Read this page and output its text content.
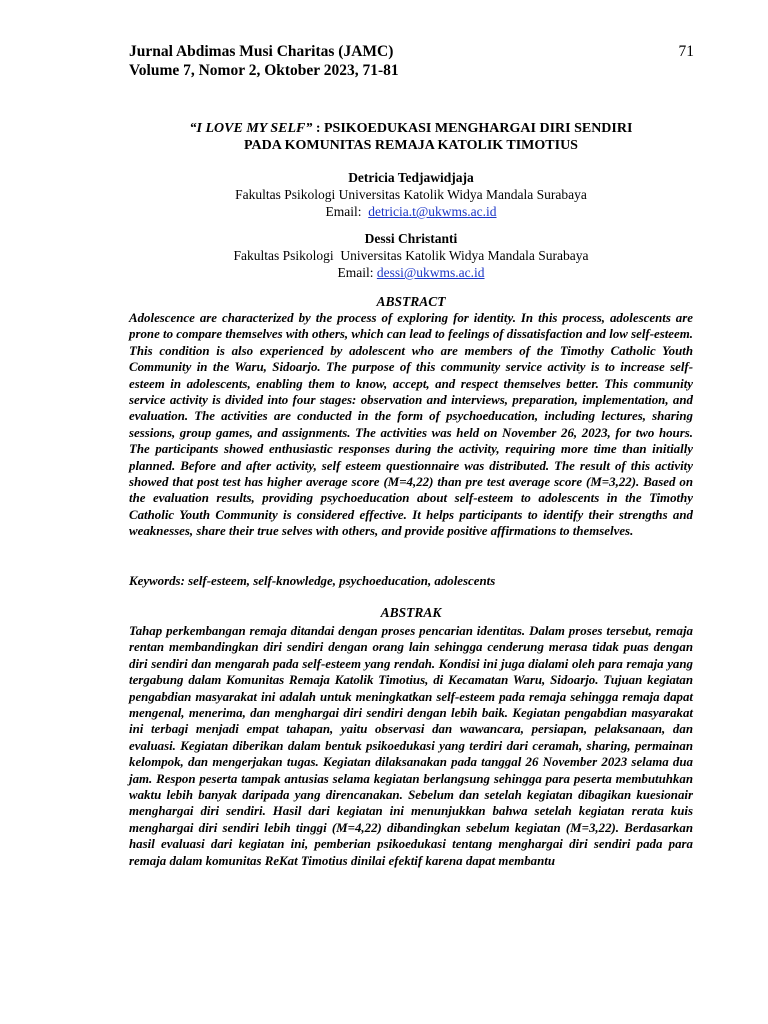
Jurnal Abdimas Musi Charitas (JAMC)
Volume 7, Nomor 2, Oktober 2023, 71-81
71
“I LOVE MY SELF” : PSIKOEDUKASI MENGHARGAI DIRI SENDIRI
PADA KOMUNITAS REMAJA KATOLIK TIMOTIUS
Detricia Tedjawidjaja
Fakultas Psikologi Universitas Katolik Widya Mandala Surabaya
Email:  detricia.t@ukwms.ac.id
Dessi Christanti
Fakultas Psikologi  Universitas Katolik Widya Mandala Surabaya
Email: dessi@ukwms.ac.id
ABSTRACT
Adolescence are characterized by the process of exploring for identity. In this process, adolescents are prone to compare themselves with others, which can lead to feelings of dissatisfaction and low self-esteem. This condition is also experienced by adolescent who are members of the Timothy Catholic Youth Community in the Waru, Sidoarjo. The purpose of this community service activity is to increase self-esteem in adolescents, enabling them to know, accept, and respect themselves better. This community service activity is divided into four stages: observation and interviews, preparation, implementation, and evaluation. The activities are conducted in the form of psychoeducation, including lectures, sharing sessions, group games, and assignments. The activities was held on November 26, 2023, for two hours. The participants showed enthusiastic responses during the activity, requiring more time than initially planned. Before and after activity, self esteem questionnaire was distributed. The result of this activity showed that post test has higher average score (M=4,22) than pre test average score (M=3,22). Based on the evaluation results, providing psychoeducation about self-esteem to adolescents in the Timothy Catholic Youth Community is considered effective. It helps participants to identify their strengths and weaknesses, share their true selves with others, and provide positive affirmations to themselves.
Keywords: self-esteem, self-knowledge, psychoeducation, adolescents
ABSTRAK
Tahap perkembangan remaja ditandai dengan proses pencarian identitas. Dalam proses tersebut, remaja rentan membandingkan diri sendiri dengan orang lain sehingga cenderung merasa tidak puas dengan diri sendiri dan mengarah pada self-esteem yang rendah. Kondisi ini juga dialami oleh para remaja yang tergabung dalam Komunitas Remaja Katolik Timotius, di Kecamatan Waru, Sidoarjo. Tujuan kegiatan pengabdian masyarakat ini adalah untuk meningkatkan self-esteem pada remaja sehingga remaja dapat mengenal, menerima, dan menghargai diri sendiri dengan lebih baik. Kegiatan pengabdian masyarakat ini terbagi menjadi empat tahapan, yaitu observasi dan wawancara, persiapan, pelaksanaan, dan evaluasi. Kegiatan diberikan dalam bentuk psikoedukasi yang terdiri dari ceramah, sharing, permainan kelompok, dan mengerjakan tugas. Kegiatan dilaksanakan pada tanggal 26 November 2023 selama dua jam. Respon peserta tampak antusias selama kegiatan berlangsung sehingga para peserta membutuhkan waktu lebih banyak daripada yang direncanakan. Sebelum dan setelah kegiatan dibagikan kuesionair menghargai diri sendiri. Hasil dari kegiatan ini menunjukkan bahwa setelah kegiatan rerata kuis menghargai diri sendiri lebih tinggi (M=4,22) dibandingkan sebelum kegiatan (M=3,22). Berdasarkan hasil evaluasi dari kegiatan ini, pemberian psikoedukasi tentang menghargai diri sendiri pada para remaja dalam komunitas ReKat Timotius dinilai efektif karena dapat membantu
